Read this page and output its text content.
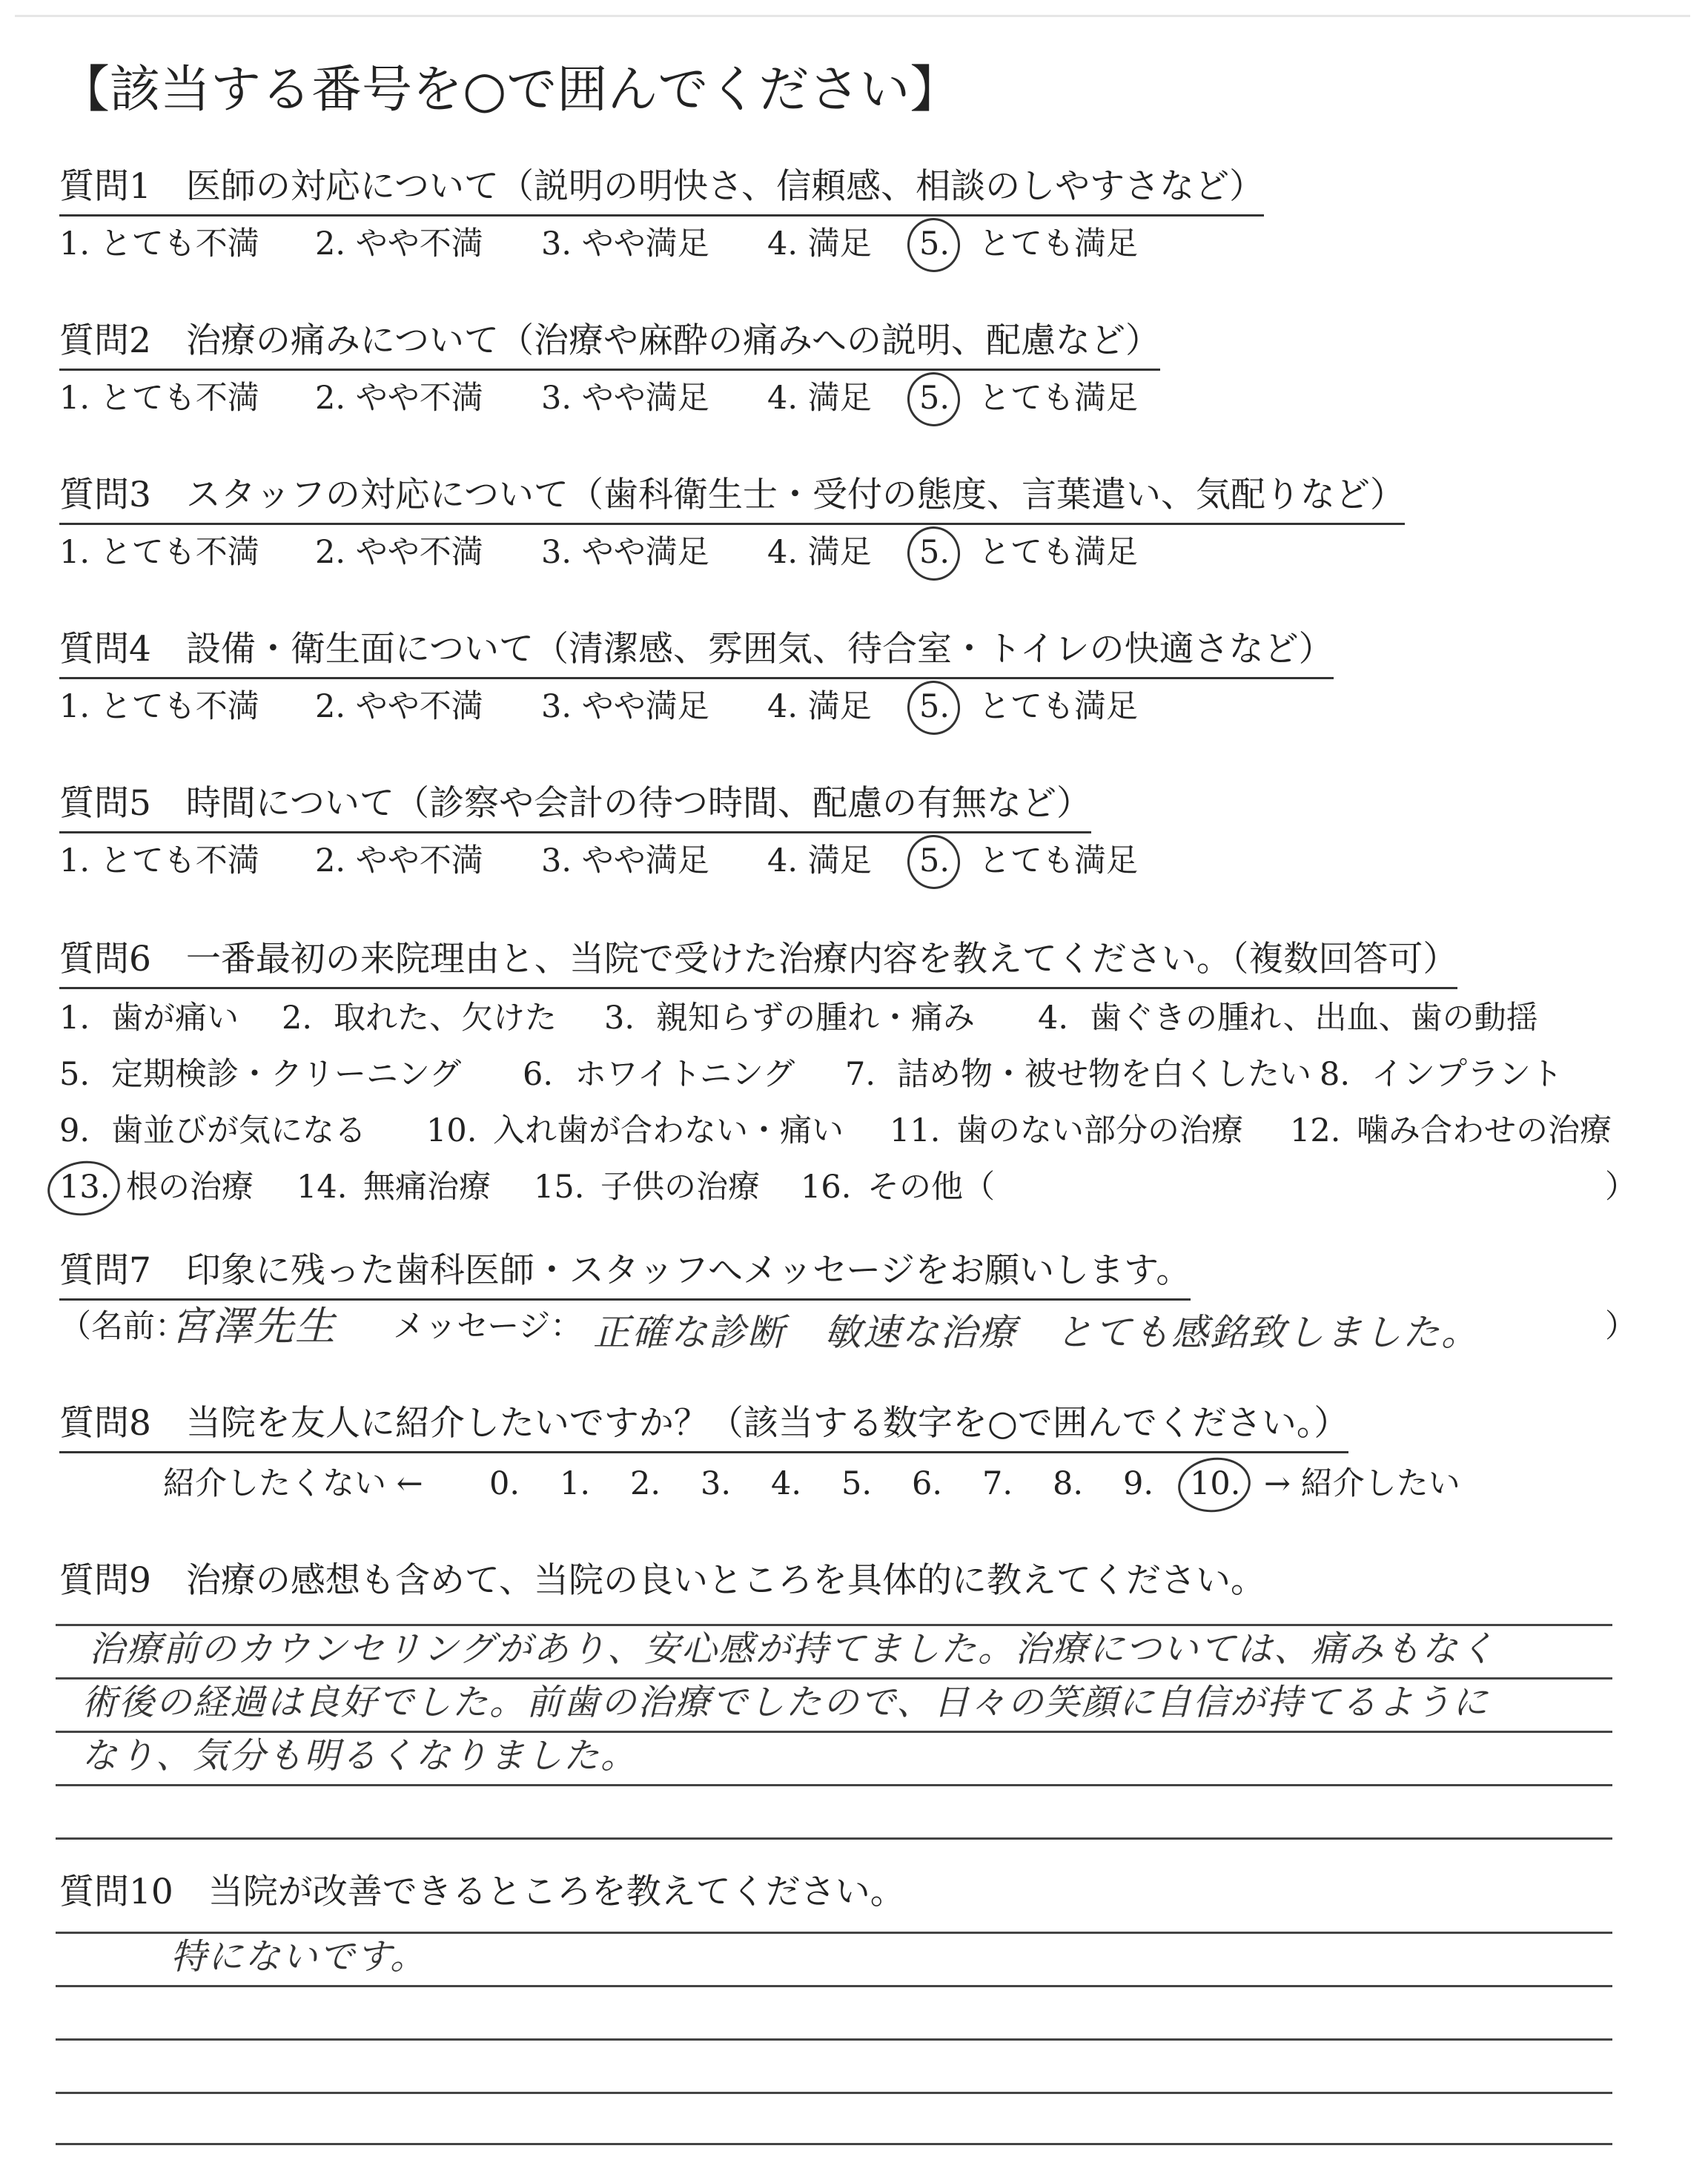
【該当する番号を○で囲んでください】
質問1　医師の対応について（説明の明快さ、信頼感、相談のしやすさなど）
1. とても不満 2. やや不満 3. やや満足 4. 満足 5. とても満足
質問2　治療の痛みについて（治療や麻酔の痛みへの説明、配慮など）
1. とても不満 2. やや不満 3. やや満足 4. 満足 5. とても満足
質問3　スタッフの対応について（歯科衛生士・受付の態度、言葉遣い、気配りなど）
1. とても不満 2. やや不満 3. やや満足 4. 満足 5. とても満足
質問4　設備・衛生面について（清潔感、雰囲気、待合室・トイレの快適さなど）
1. とても不満 2. やや不満 3. やや満足 4. 満足 5. とても満足
質問5　時間について（診察や会計の待つ時間、配慮の有無など）
1. とても不満 2. やや不満 3. やや満足 4. 満足 5. とても満足
質問6　一番最初の来院理由と、当院で受けた治療内容を教えてください。（複数回答可）
1. 歯が痛い 2. 取れた、欠けた 3. 親知らずの腫れ・痛み 4. 歯ぐきの腫れ、出血、歯の動揺
5. 定期検診・クリーニング 6. ホワイトニング 7. 詰め物・被せ物を白くしたい 8. インプラント
9. 歯並びが気になる 10. 入れ歯が合わない・痛い 11. 歯のない部分の治療 12. 噛み合わせの治療
13. 根の治療 14. 無痛治療 15. 子供の治療 16. その他（	）
質問7　印象に残った歯科医師・スタッフへメッセージをお願いします。
（名前：
宮澤先生 メッセージ： 正確な診断　敏速な治療　とても感銘致しました。	）
質問8　当院を友人に紹介したいですか？（該当する数字を○で囲んでください。）
紹介したくない ← 0. 1. 2. 3. 4. 5. 6. 7. 8. 9. 10. → 紹介したい
質問9　治療の感想も含めて、当院の良いところを具体的に教えてください。
治療前のカウンセリングがあり、安心感が持てました。治療については、痛みもなく
術後の経過は良好でした。前歯の治療でしたので、日々の笑顔に自信が持てるように
なり、気分も明るくなりました。
質問10　当院が改善できるところを教えてください。
特にないです。
